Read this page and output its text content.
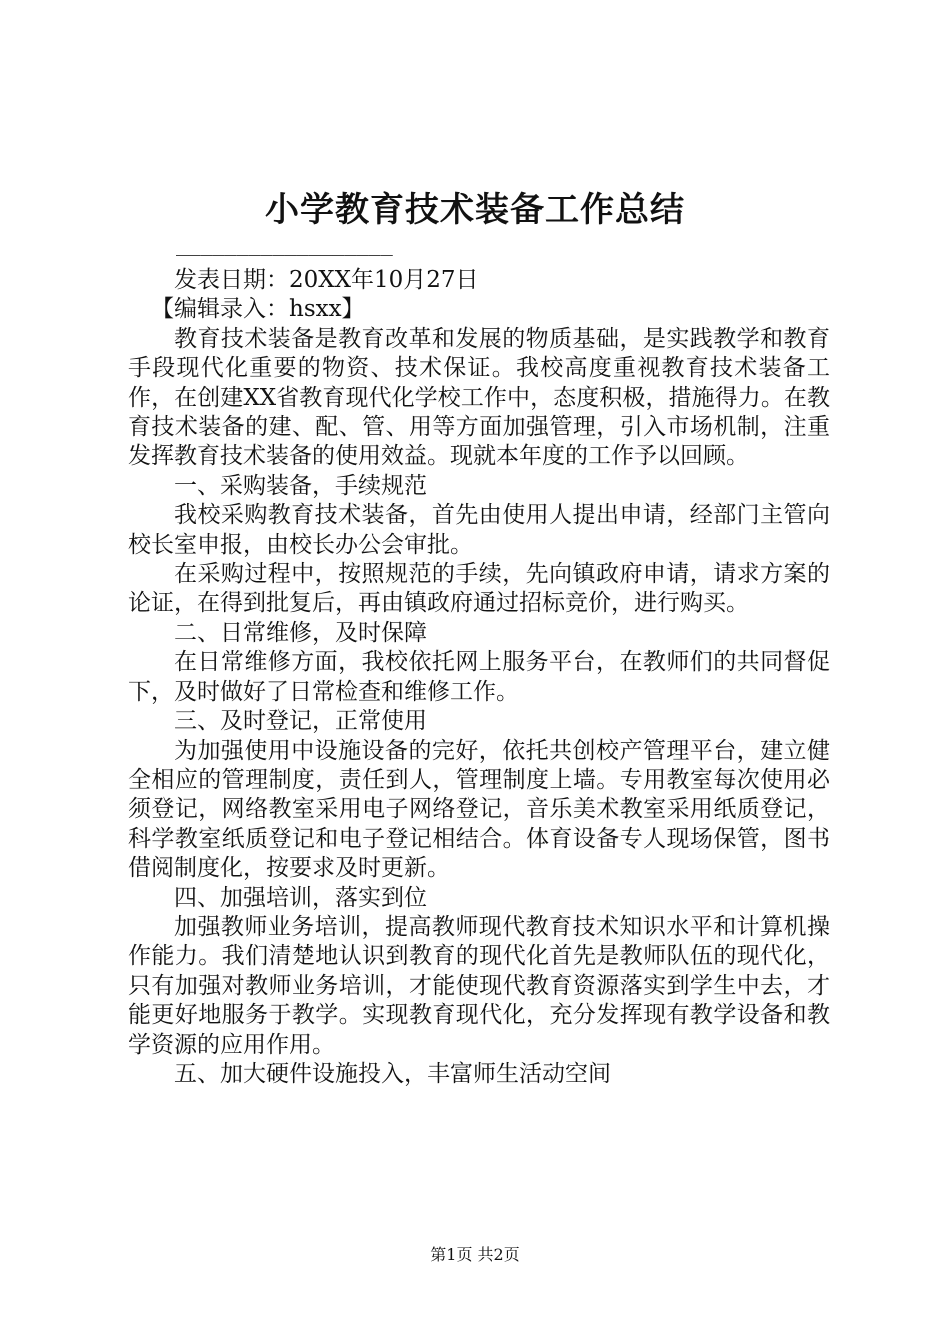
小学教育技术装备工作总结
__________________

发表日期：20XX年10月27日

【编辑录入：hsxx】

教育技术装备是教育改革和发展的物质基础，是实践教学和教育手段现代化重要的物资、技术保证。我校高度重视教育技术装备工作，在创建XX省教育现代化学校工作中，态度积极，措施得力。在教育技术装备的建、配、管、用等方面加强管理，引入市场机制，注重发挥教育技术装备的使用效益。现就本年度的工作予以回顾。

一、采购装备，手续规范

我校采购教育技术装备，首先由使用人提出申请，经部门主管向校长室申报，由校长办公会审批。

在采购过程中，按照规范的手续，先向镇政府申请，请求方案的论证，在得到批复后，再由镇政府通过招标竞价，进行购买。

二、日常维修，及时保障

在日常维修方面，我校依托网上服务平台，在教师们的共同督促下，及时做好了日常检查和维修工作。

三、及时登记，正常使用

为加强使用中设施设备的完好，依托共创校产管理平台，建立健全相应的管理制度，责任到人，管理制度上墙。专用教室每次使用必须登记，网络教室采用电子网络登记，音乐美术教室采用纸质登记，科学教室纸质登记和电子登记相结合。体育设备专人现场保管，图书借阅制度化，按要求及时更新。

四、加强培训，落实到位

加强教师业务培训，提高教师现代教育技术知识水平和计算机操作能力。我们清楚地认识到教育的现代化首先是教师队伍的现代化，只有加强对教师业务培训，才能使现代教育资源落实到学生中去，才能更好地服务于教学。实现教育现代化，充分发挥现有教学设备和教学资源的应用作用。

五、加大硬件设施投入，丰富师生活动空间

第1页 共2页
